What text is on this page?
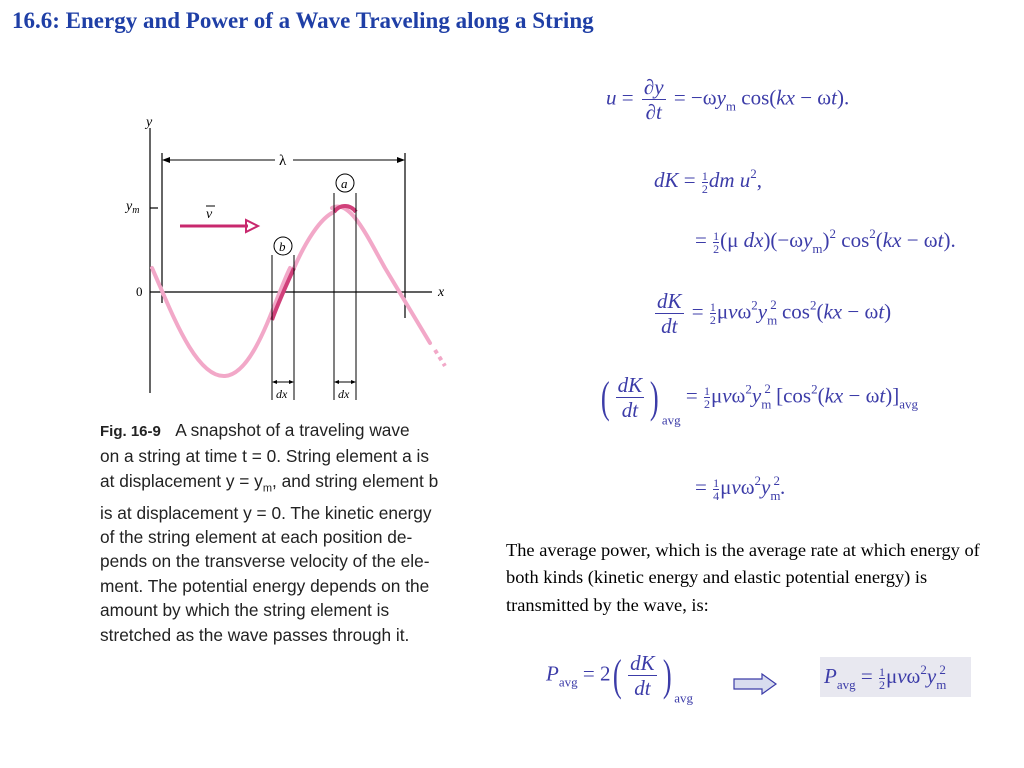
16.6: Energy and Power of a Wave Traveling along a String
y
x
0
$y_m$
λ
b
a
dx	dx
v
Fig. 16-9 A snapshot of a traveling wave
on a string at time t = 0. String element a is
at displacement $y = y_m$, and string element b
is at displacement y = 0. The kinetic energy
of the string element at each position de-
pends on the transverse velocity of the ele-
ment. The potential energy depends on the
amount by which the string element is
stretched as the wave passes through it.
$u = \frac{\partial y}{\partial t} = -\omega y_m$ cos(kx − ωt).
dK = $\frac{1}{2}$ dm $u^2$,
= $\frac{1}{2} (\mu$ $dx)(-\omega y_m)^2$ $\cos^2(kx - \omega t)$.
$\frac{dK}{dt} = \frac{1}{2} \mu v\omega^2y_m^2$ $\cos^2(kx - \omega t)$
( $\frac{dK}{dt}$ ) $_{avg} = \frac{1}{2} \mu v\omega^2y_m^2$ $[\cos^2(kx - \omega t)]_{avg}$
= $\frac{1}{4} \mu v\omega^2y_m^2$.
The average power, which is the average rate at which energy of both kinds (kinetic energy and elastic potential energy) is transmitted by the wave, is:
$P_{avg} = 2( \frac{dK}{dt}$ ) $_{avg}$
$P_{avg} = \frac{1}{2} \mu v\omega^2y_m^2$
